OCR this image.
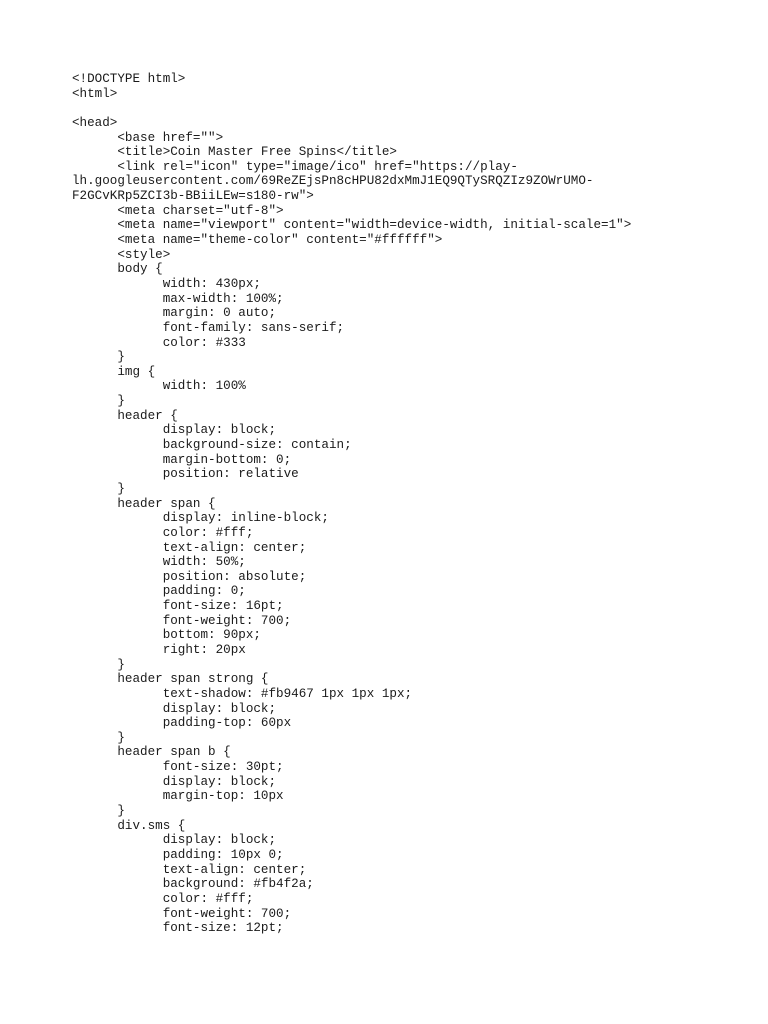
<!DOCTYPE html>
<html>
<head>
<base href="">
<title>Coin Master Free Spins</title>
<link rel="icon" type="image/ico" href="https://play-
lh.googleusercontent.com/69ReZEjsPn8cHPU82dxMmJ1EQ9QTySRQZIz9ZOWrUMO-
F2GCvKRp5ZCI3b-BBiiLEw=s180-rw">
<meta charset="utf-8">
<meta name="viewport" content="width=device-width, initial-scale=1">
<meta name="theme-color" content="#ffffff">
<style>
body {
width: 430px;
max-width: 100%;
margin: 0 auto;
font-family: sans-serif;
color: #333
}
img {
width: 100%
}
header {
display: block;
background-size: contain;
margin-bottom: 0;
position: relative
}
header span {
display: inline-block;
color: #fff;
text-align: center;
width: 50%;
position: absolute;
padding: 0;
font-size: 16pt;
font-weight: 700;
bottom: 90px;
right: 20px
}
header span strong {
text-shadow: #fb9467 1px 1px 1px;
display: block;
padding-top: 60px
}
header span b {
font-size: 30pt;
display: block;
margin-top: 10px
}
div.sms {
display: block;
padding: 10px 0;
text-align: center;
background: #fb4f2a;
color: #fff;
font-weight: 700;
font-size: 12pt;
